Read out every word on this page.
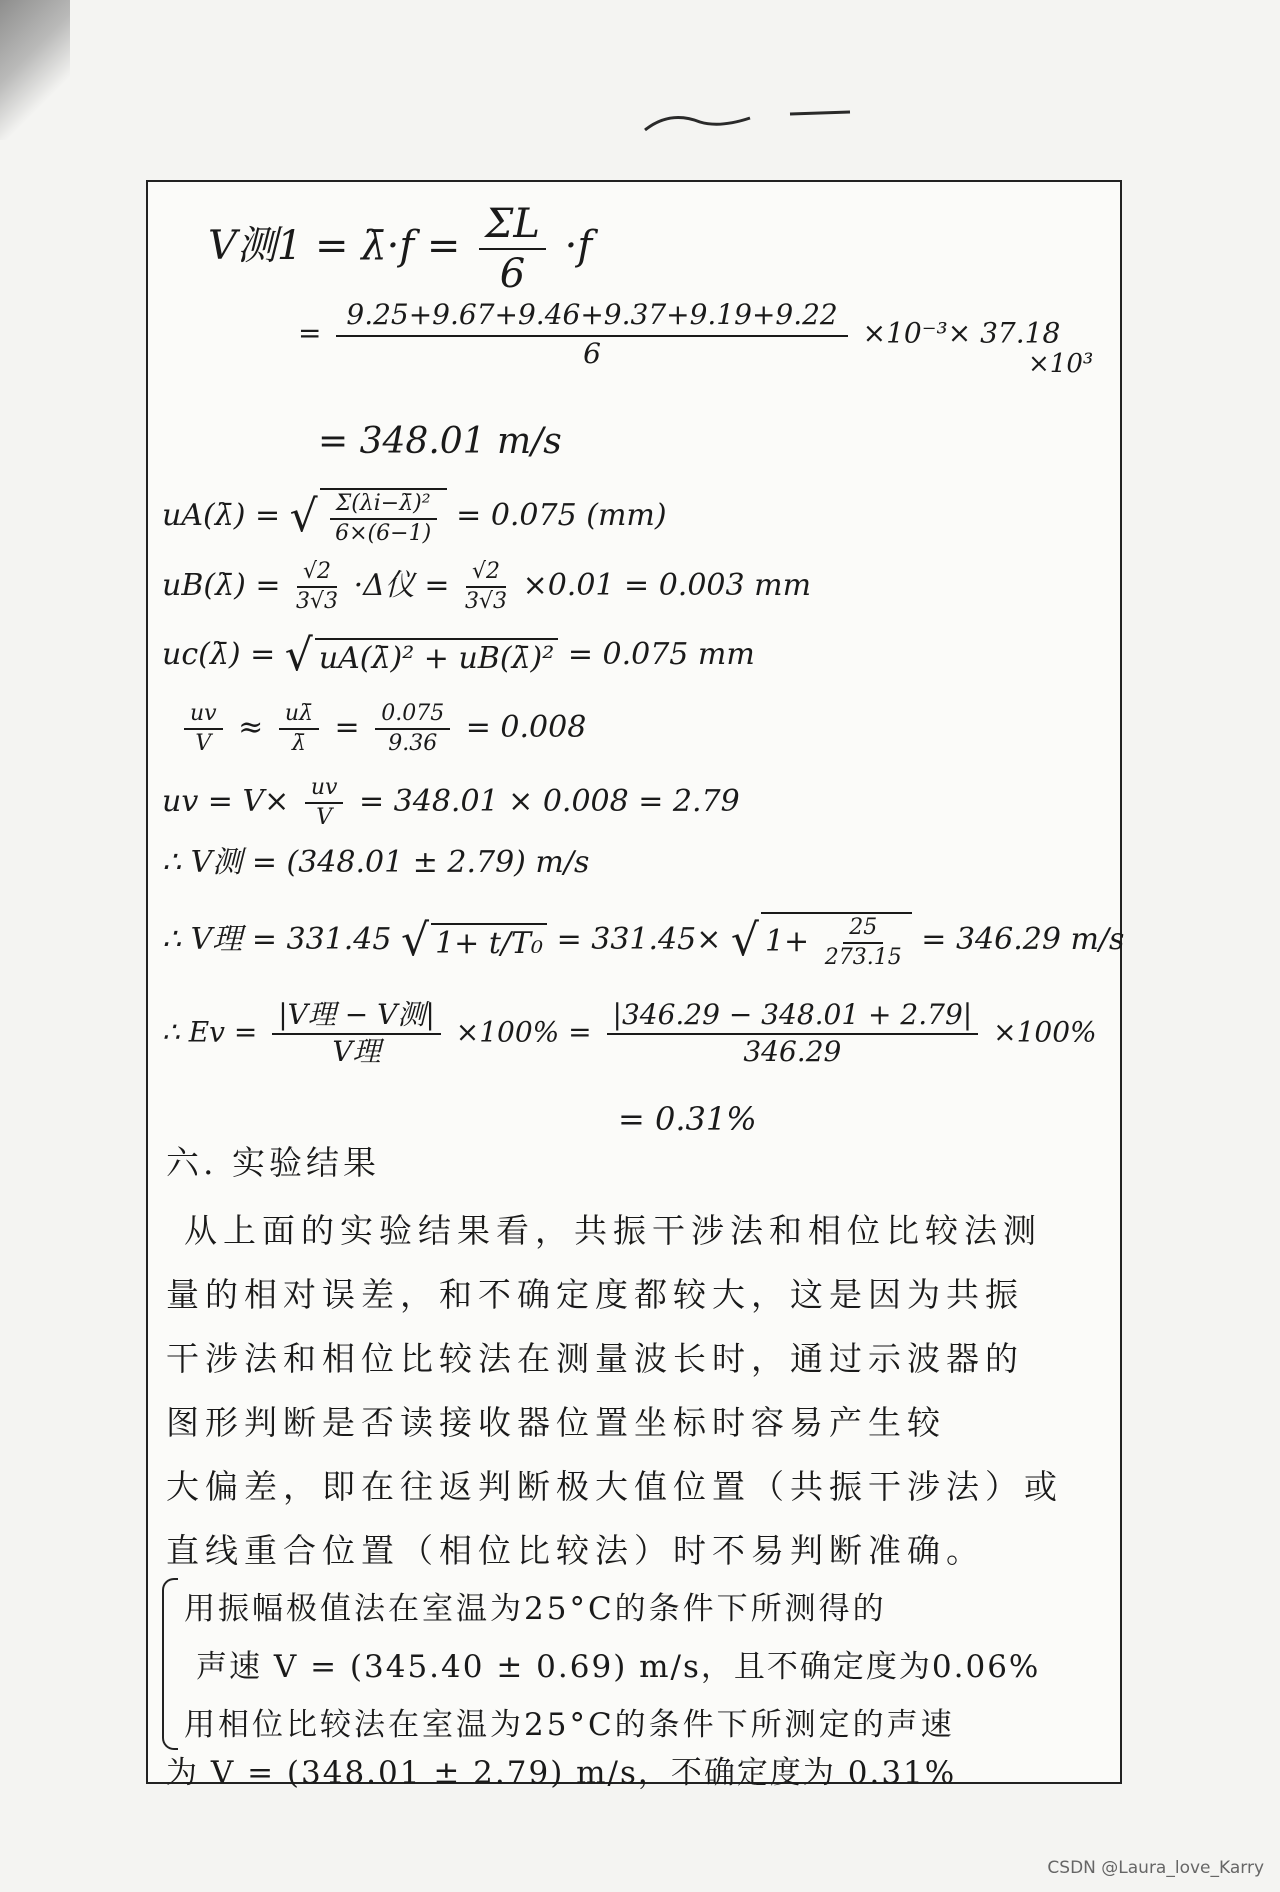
V测1 = λ̄·f = $\frac{\Sigma L}{6} \cdot f$
= $\frac{9.25+9.67+9.46+9.37+9.19+9.22}{6} \times 10^{-3}\times 37.18$
×10³
= 348.01 m/s
uA(λ̄) = √ $\frac{\text{Σ(λi−λ̄)²}}{6\times(6-1)} = 0.075$ (mm)
uB(λ̄) = $\frac{√2}{3√3} \cdot\Delta$仪 = $\frac{√2}{3√3} \times 0.01 = 0.003$ mm
uc(λ̄) = √ uA(λ̄)² + uB(λ̄)² = 0.075 mm
$\frac{uv}{V} \approx \frac{u\lambdā}{\lambdā} = \frac{0.075}{9.36} = 0.008$
uv = $V\times \frac{uv}{V} = 348.01 \times 0.008 = 2.79$
∴ V测 = (348.01 ± 2.79) m/s
∴ V理 = 331.45 √ 1+ t/T₀ = 331.45× √ $1+ \frac{25}{273.15} = 346.29$ m/s
∴ $Ev = \frac{\text{|V理 − V测|}}{\text{V理}} \times 100\% = \frac{|346.29 - 348.01 + 2.79|}{346.29} \times 100\%$
= 0.31%
六. 实验结果
从上面的实验结果看，共振干涉法和相位比较法测
量的相对误差，和不确定度都较大，这是因为共振
干涉法和相位比较法在测量波长时，通过示波器的
图形判断是否读接收器位置坐标时容易产生较
大偏差，即在往返判断极大值位置（共振干涉法）或
直线重合位置（相位比较法）时不易判断准确。
用振幅极值法在室温为25°C的条件下所测得的
声速 V = (345.40 ± 0.69) m/s，且不确定度为0.06%
用相位比较法在室温为25°C的条件下所测定的声速
为 V = (348.01 ± 2.79) m/s，不确定度为 0.31%
CSDN @Laura_love_Karry
